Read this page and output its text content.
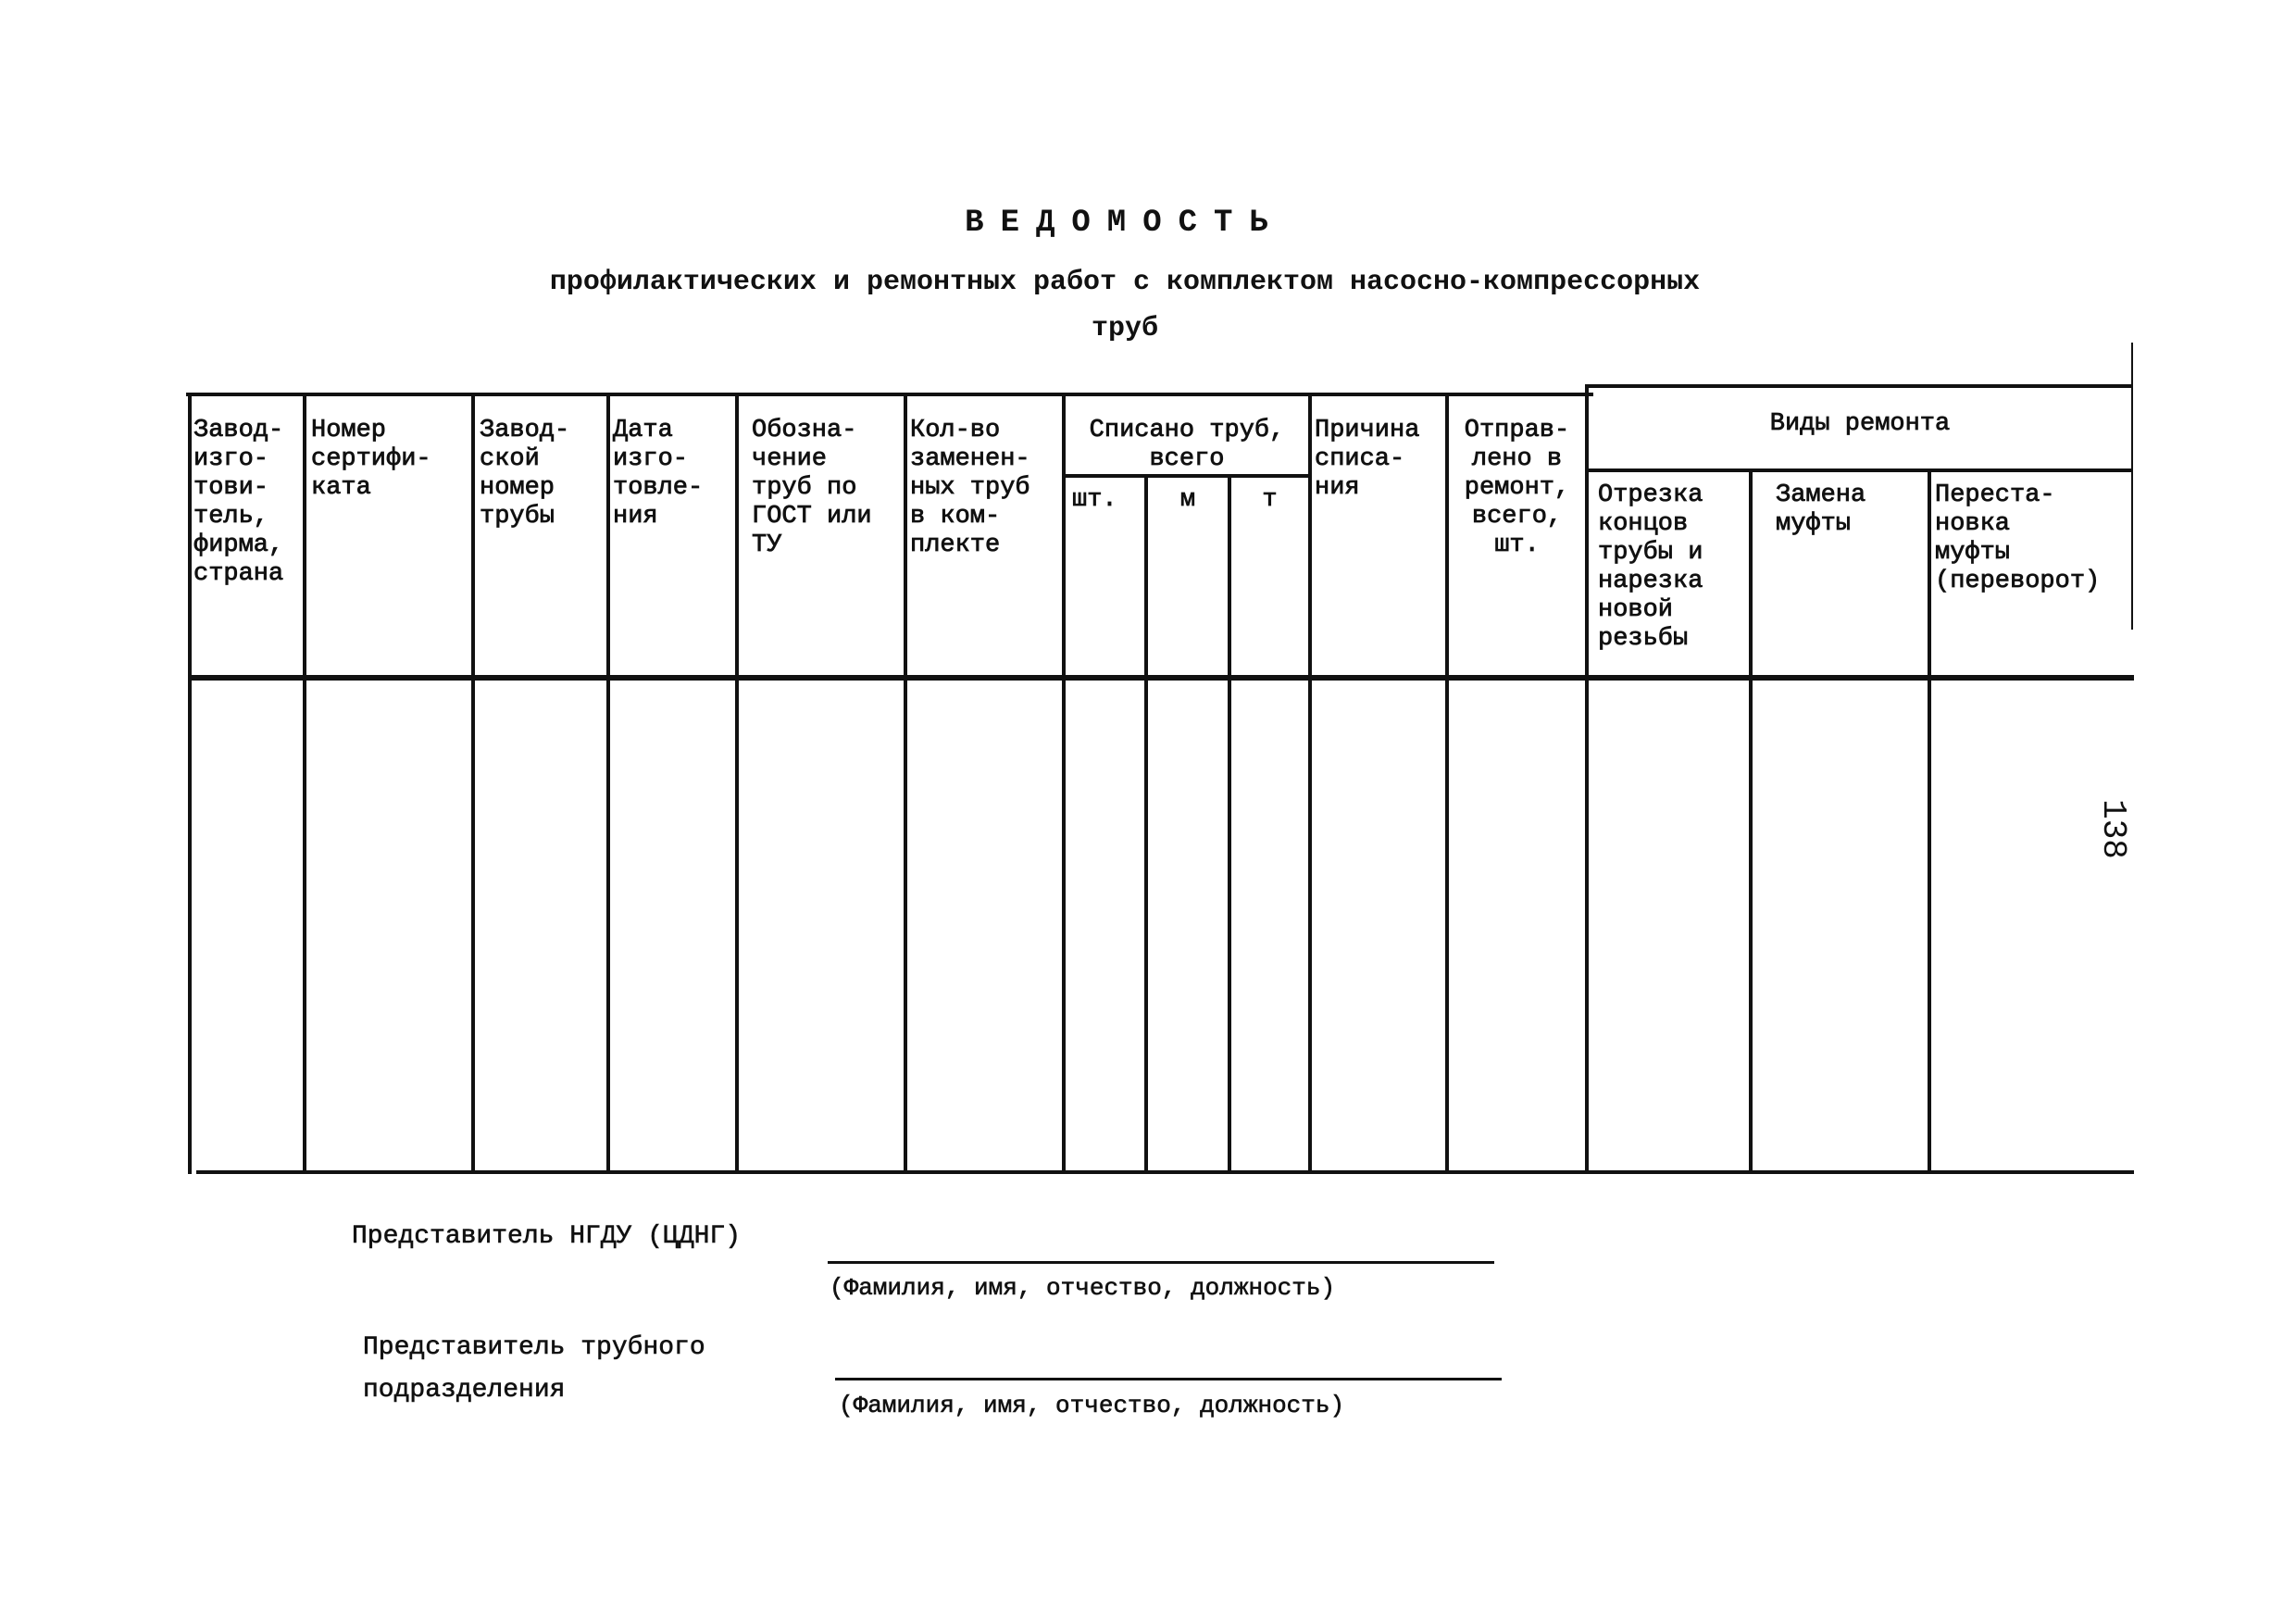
ВЕДОМОСТЬ
профилактических и ремонтных работ с комплектом насосно-компрессорных
труб
Завод-изго-
тови-
тель,
фирма,
страна
Номер
сертифи-
ката
Завод-
ской
номер
трубы
Дата
изго-
товле-
ния
Обозна-
чение
труб по
ГОСТ или
ТУ
Кол-во
заменен-
ных труб
в ком-
плекте
Списано труб,
всего
шт.	м	т
Причина
списа-
ния
Отправ-
лено в
ремонт,
всего,
шт.
Виды ремонта
Отрезка
концов
трубы и
нарезка
новой
резьбы
Замена
муфты
Переста-
новка
муфты
(переворот)
138
Представитель НГДУ (ЦДНГ)
(Фамилия, имя, отчество, должность)
Представитель трубного
подразделения
(Фамилия, имя, отчество, должность)
